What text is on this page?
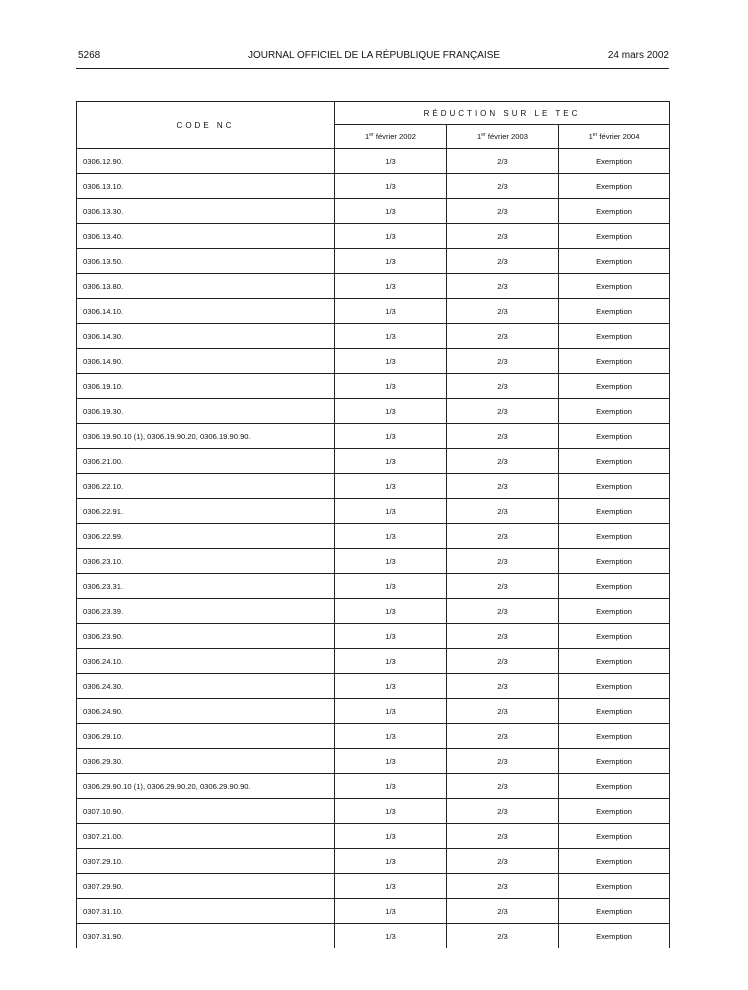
5268	JOURNAL OFFICIEL DE LA RÉPUBLIQUE FRANÇAISE	24 mars 2002
CODE NC	RÉDUCTION SUR LE TEC		
	1er février 2002	1er février 2003	1er février 2004
0306.12.90.	1/3	2/3	Exemption
0306.13.10.	1/3	2/3	Exemption
0306.13.30.	1/3	2/3	Exemption
0306.13.40.	1/3	2/3	Exemption
0306.13.50.	1/3	2/3	Exemption
0306.13.80.	1/3	2/3	Exemption
0306.14.10.	1/3	2/3	Exemption
0306.14.30.	1/3	2/3	Exemption
0306.14.90.	1/3	2/3	Exemption
0306.19.10.	1/3	2/3	Exemption
0306.19.30.	1/3	2/3	Exemption
0306.19.90.10 (1), 0306.19.90.20, 0306.19.90.90.	1/3	2/3	Exemption
0306.21.00.	1/3	2/3	Exemption
0306.22.10.	1/3	2/3	Exemption
0306.22.91.	1/3	2/3	Exemption
0306.22.99.	1/3	2/3	Exemption
0306.23.10.	1/3	2/3	Exemption
0306.23.31.	1/3	2/3	Exemption
0306.23.39.	1/3	2/3	Exemption
0306.23.90.	1/3	2/3	Exemption
0306.24.10.	1/3	2/3	Exemption
0306.24.30.	1/3	2/3	Exemption
0306.24.90.	1/3	2/3	Exemption
0306.29.10.	1/3	2/3	Exemption
0306.29.30.	1/3	2/3	Exemption
0306.29.90.10 (1), 0306.29.90.20, 0306.29.90.90.	1/3	2/3	Exemption
0307.10.90.	1/3	2/3	Exemption
0307.21.00.	1/3	2/3	Exemption
0307.29.10.	1/3	2/3	Exemption
0307.29.90.	1/3	2/3	Exemption
0307.31.10.	1/3	2/3	Exemption
0307.31.90.	1/3	2/3	Exemption
